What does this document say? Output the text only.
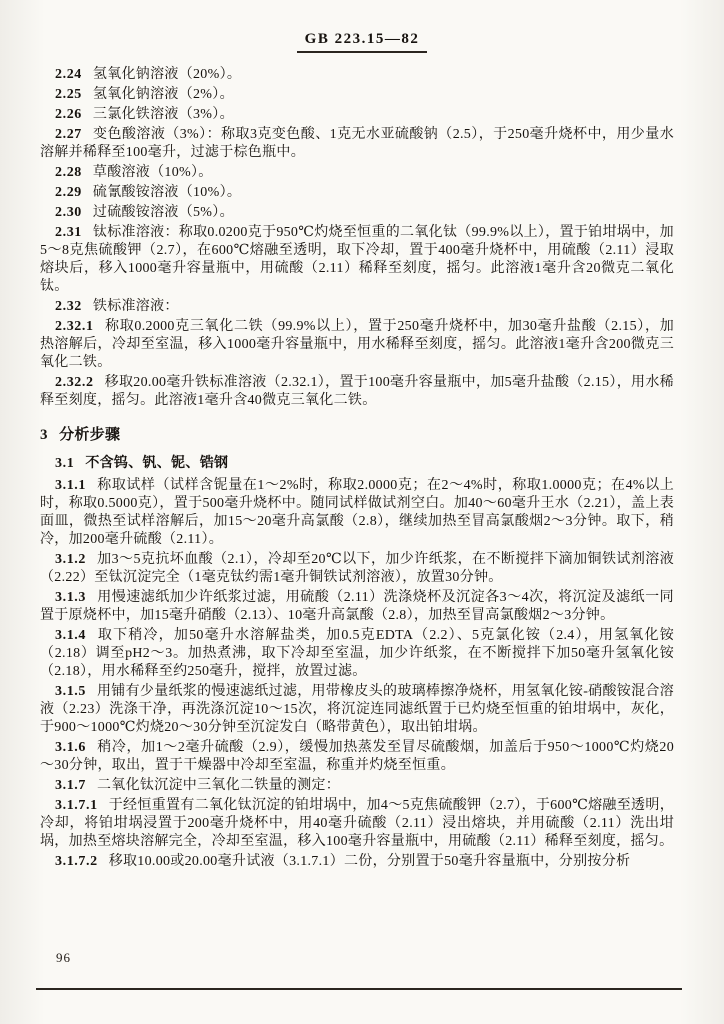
GB 223.15—82

2.24 氢氧化钠溶液（20%）。

2.25 氢氧化钠溶液（2%）。

2.26 三氯化铁溶液（3%）。

2.27 变色酸溶液（3%）：称取3克变色酸、1克无水亚硫酸钠（2.5），于250毫升烧杯中，用少量水溶解并稀释至100毫升，过滤于棕色瓶中。

2.28 草酸溶液（10%）。

2.29 硫氰酸铵溶液（10%）。

2.30 过硫酸铵溶液（5%）。

2.31 钛标准溶液：称取0.0200克于950℃灼烧至恒重的二氧化钛（99.9%以上），置于铂坩埚中，加5～8克焦硫酸钾（2.7），在600℃熔融至透明，取下冷却，置于400毫升烧杯中，用硫酸（2.11）浸取熔块后，移入1000毫升容量瓶中，用硫酸（2.11）稀释至刻度，摇匀。此溶液1毫升含20微克二氧化钛。

2.32 铁标准溶液：

2.32.1 称取0.2000克三氧化二铁（99.9%以上），置于250毫升烧杯中，加30毫升盐酸（2.15），加热溶解后，冷却至室温，移入1000毫升容量瓶中，用水稀释至刻度，摇匀。此溶液1毫升含200微克三氧化二铁。

2.32.2 移取20.00毫升铁标准溶液（2.32.1），置于100毫升容量瓶中，加5毫升盐酸（2.15），用水稀释至刻度，摇匀。此溶液1毫升含40微克三氧化二铁。

3 分析步骤

3.1 不含钨、钒、铌、锆钢

3.1.1 称取试样（试样含铌量在1～2%时，称取2.0000克；在2～4%时，称取1.0000克；在4%以上时，称取0.5000克），置于500毫升烧杯中。随同试样做试剂空白。加40～60毫升王水（2.21），盖上表面皿，微热至试样溶解后，加15～20毫升高氯酸（2.8），继续加热至冒高氯酸烟2～3分钟。取下，稍冷，加200毫升硫酸（2.11）。

3.1.2 加3～5克抗坏血酸（2.1），冷却至20℃以下，加少许纸浆，在不断搅拌下滴加铜铁试剂溶液（2.22）至钛沉淀完全（1毫克钛约需1毫升铜铁试剂溶液），放置30分钟。

3.1.3 用慢速滤纸加少许纸浆过滤，用硫酸（2.11）洗涤烧杯及沉淀各3～4次，将沉淀及滤纸一同置于原烧杯中，加15毫升硝酸（2.13）、10毫升高氯酸（2.8），加热至冒高氯酸烟2～3分钟。

3.1.4 取下稍冷，加50毫升水溶解盐类，加0.5克EDTA（2.2）、5克氯化铵（2.4），用氢氧化铵（2.18）调至pH2～3。加热煮沸，取下冷却至室温，加少许纸浆，在不断搅拌下加50毫升氢氧化铵（2.18），用水稀释至约250毫升，搅拌，放置过滤。

3.1.5 用铺有少量纸浆的慢速滤纸过滤，用带橡皮头的玻璃棒擦净烧杯，用氢氧化铵-硝酸铵混合溶液（2.23）洗涤干净，再洗涤沉淀10～15次，将沉淀连同滤纸置于已灼烧至恒重的铂坩埚中，灰化，于900～1000℃灼烧20～30分钟至沉淀发白（略带黄色），取出铂坩埚。

3.1.6 稍冷，加1～2毫升硫酸（2.9），缓慢加热蒸发至冒尽硫酸烟，加盖后于950～1000℃灼烧20～30分钟，取出，置于干燥器中冷却至室温，称重并灼烧至恒重。

3.1.7 二氧化钛沉淀中三氧化二铁量的测定：

3.1.7.1 于经恒重置有二氧化钛沉淀的铂坩埚中，加4～5克焦硫酸钾（2.7），于600℃熔融至透明，冷却，将铂坩埚浸置于200毫升烧杯中，用40毫升硫酸（2.11）浸出熔块，并用硫酸（2.11）洗出坩埚，加热至熔块溶解完全，冷却至室温，移入100毫升容量瓶中，用硫酸（2.11）稀释至刻度，摇匀。

3.1.7.2 移取10.00或20.00毫升试液（3.1.7.1）二份，分别置于50毫升容量瓶中，分别按分析

96
